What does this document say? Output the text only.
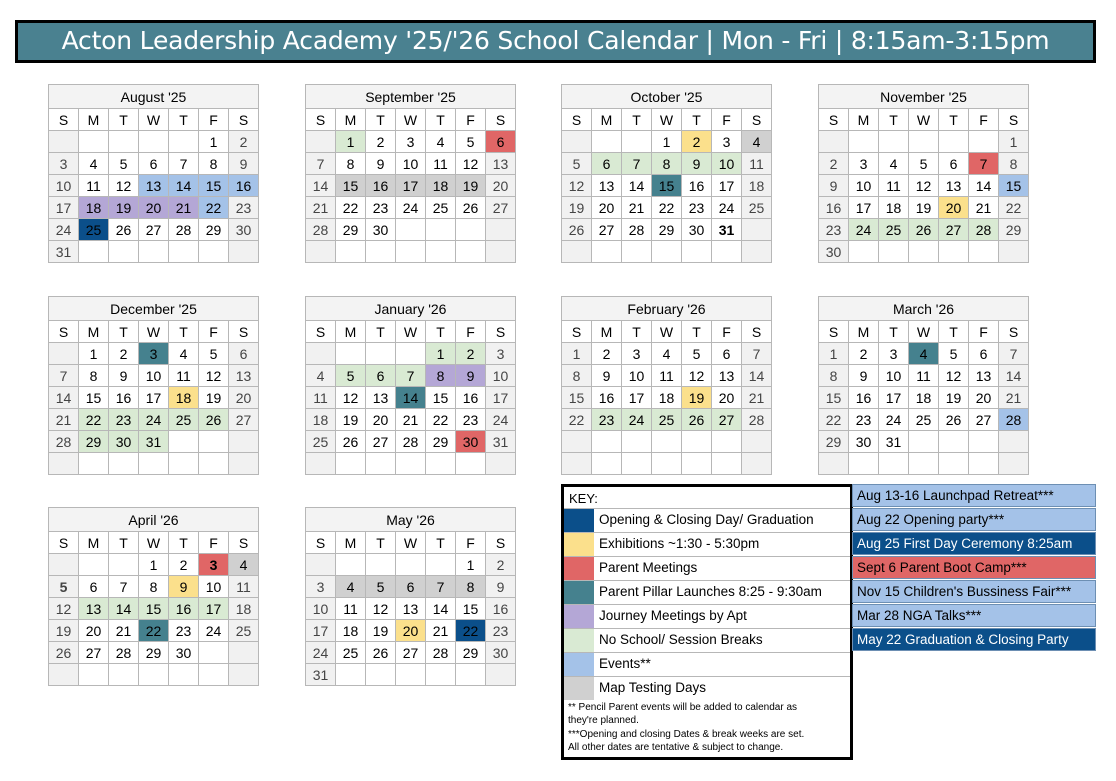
Acton Leadership Academy '25/'26 School Calendar | Mon - Fri | 8:15am-3:15pm
August '25						
S	M	T	W	T	F	S
					1	2
3	4	5	6	7	8	9
10	11	12	13	14	15	16
17	18	19	20	21	22	23
24	25	26	27	28	29	30
31						
September '25						
S	M	T	W	T	F	S
	1	2	3	4	5	6
7	8	9	10	11	12	13
14	15	16	17	18	19	20
21	22	23	24	25	26	27
28	29	30				

October '25						
S	M	T	W	T	F	S
			1	2	3	4
5	6	7	8	9	10	11
12	13	14	15	16	17	18
19	20	21	22	23	24	25
26	27	28	29	30	31	

November '25						
S	M	T	W	T	F	S
						1
2	3	4	5	6	7	8
9	10	11	12	13	14	15
16	17	18	19	20	21	22
23	24	25	26	27	28	29
30						
December '25						
S	M	T	W	T	F	S
	1	2	3	4	5	6
7	8	9	10	11	12	13
14	15	16	17	18	19	20
21	22	23	24	25	26	27
28	29	30	31			

January '26						
S	M	T	W	T	F	S
				1	2	3
4	5	6	7	8	9	10
11	12	13	14	15	16	17
18	19	20	21	22	23	24
25	26	27	28	29	30	31

February '26						
S	M	T	W	T	F	S
1	2	3	4	5	6	7
8	9	10	11	12	13	14
15	16	17	18	19	20	21
22	23	24	25	26	27	28

March '26						
S	M	T	W	T	F	S
1	2	3	4	5	6	7
8	9	10	11	12	13	14
15	16	17	18	19	20	21
22	23	24	25	26	27	28
29	30	31				

April '26						
S	M	T	W	T	F	S
			1	2	3	4
5	6	7	8	9	10	11
12	13	14	15	16	17	18
19	20	21	22	23	24	25
26	27	28	29	30		

May '26						
S	M	T	W	T	F	S
					1	2
3	4	5	6	7	8	9
10	11	12	13	14	15	16
17	18	19	20	21	22	23
24	25	26	27	28	29	30
31						
KEY:
Opening & Closing Day/ Graduation
Exhibitions ~1:30 - 5:30pm
Parent Meetings
Parent Pillar Launches 8:25 - 9:30am
Journey Meetings by Apt
No School/ Session Breaks
Events**
Map Testing Days
** Pencil Parent events will be added to calendar as
they're planned.
***Opening and closing Dates & break weeks are set.
All other dates are tentative & subject to change.
Aug 13-16 Launchpad Retreat***
Aug 22 Opening party***
Aug 25 First Day Ceremony 8:25am
Sept 6 Parent Boot Camp***
Nov 15 Children's Bussiness Fair***
Mar 28 NGA Talks***
May 22 Graduation & Closing Party
